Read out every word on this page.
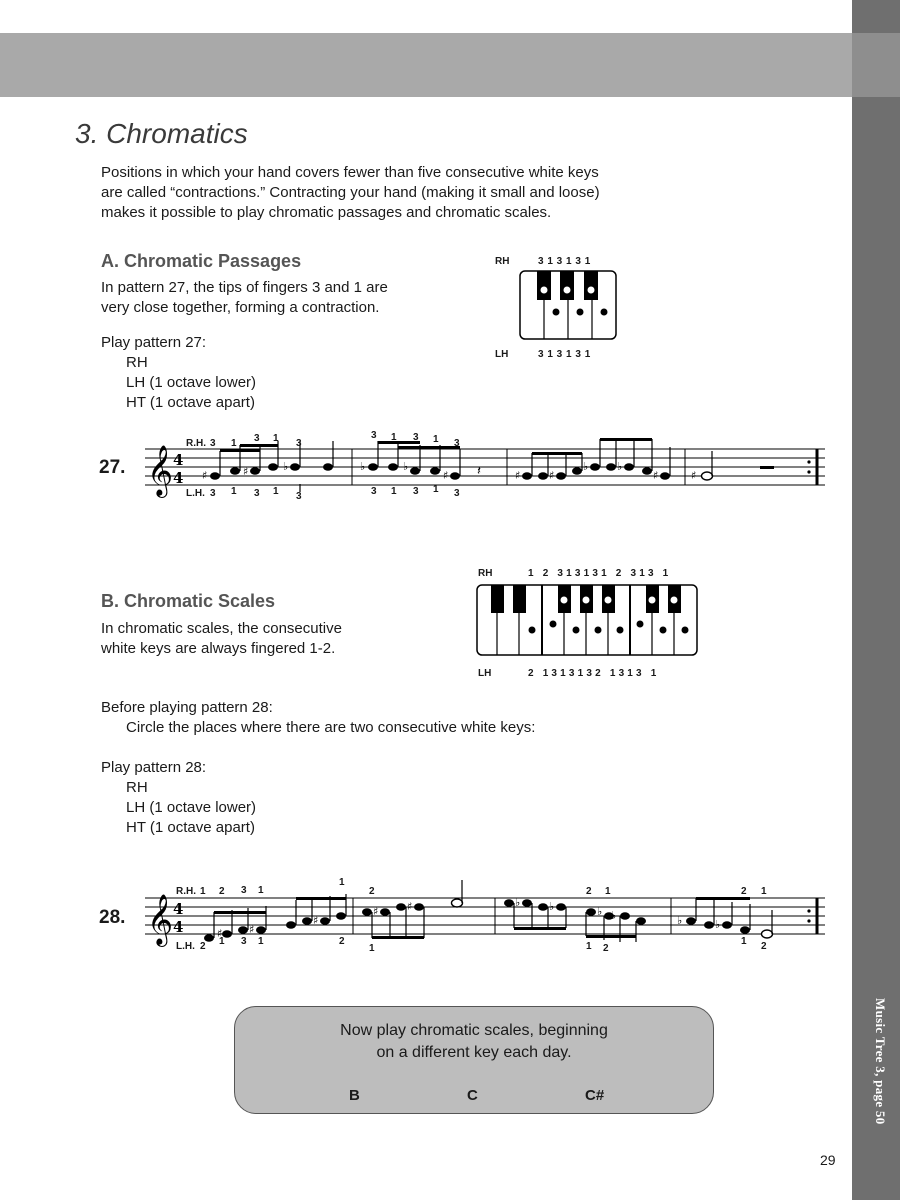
Music Tree 3, page 50
3. Chromatics
Positions in which your hand covers fewer than five consecutive white keys
are called “contractions.” Contracting your hand (making it small and loose)
makes it possible to play chromatic passages and chromatic scales.
A. Chromatic Passages
In pattern 27, the tips of fingers 3 and 1 are
very close together, forming a contraction.
Play pattern 27:
RH
LH (1 octave lower)
HT (1 octave apart)
RH	3 1 3 1 3 1
LH	3 1 3 1 3 1
27. 𝄞 4
4 ♯	♯	♭	♭	♭
♯ 𝄽	♯	♯
♭	♭
♯	♯
R.H.
L.H.
3 1 3 1 3
3 1 3 1 3
3 1 3 1 3	3 1 3 1 3
B. Chromatic Scales
In chromatic scales, the consecutive
white keys are always fingered 1-2.
Before playing pattern 28:
Circle the places where there are two consecutive white keys:
Play pattern 28:
RH
LH (1 octave lower)
HT (1 octave apart)
RH	1   2   3 1 3 1 3 1   2   3 1 3   1
LH	2   1 3 1 3 1 3 2   1 3 1 3   1
28. 𝄞 4
4	♯ ♯
♯
♯	♯	♭	♭	♭ ♭	♭	♭
R.H.
L.H.
1 2 3 1
1
2	2 1	2 1
2 1 3 1	2
1	1 2
1 2
Now play chromatic scales, beginning
on a different key each day.
B	C	C#
29
